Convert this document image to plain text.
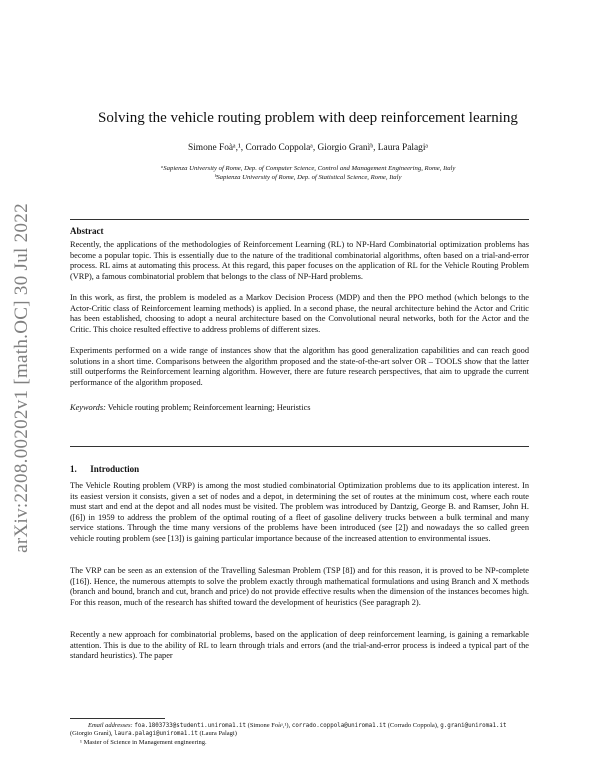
arXiv:2208.00202v1 [math.OC] 30 Jul 2022
Solving the vehicle routing problem with deep reinforcement learning
Simone Foàᵃ,¹, Corrado Coppolaᵃ, Giorgio Granìᵇ, Laura Palagiᵃ
ᵃSapienza University of Rome, Dep. of Computer Science, Control and Management Engineering, Rome, Italy
ᵇSapienza University of Rome, Dep. of Statistical Science, Rome, Italy
Abstract

Recently, the applications of the methodologies of Reinforcement Learning (RL) to NP-Hard Combinatorial optimization problems has become a popular topic. This is essentially due to the nature of the traditional combinatorial algorithms, often based on a trial-and-error process. RL aims at automating this process. At this regard, this paper focuses on the application of RL for the Vehicle Routing Problem (VRP), a famous combinatorial problem that belongs to the class of NP-Hard problems.

In this work, as first, the problem is modeled as a Markov Decision Process (MDP) and then the PPO method (which belongs to the Actor-Critic class of Reinforcement learning methods) is applied. In a second phase, the neural architecture behind the Actor and Critic has been established, choosing to adopt a neural architecture based on the Convolutional neural networks, both for the Actor and the Critic. This choice resulted effective to address problems of different sizes.

Experiments performed on a wide range of instances show that the algorithm has good generalization capabilities and can reach good solutions in a short time. Comparisons between the algorithm proposed and the state-of-the-art solver OR – TOOLS show that the latter still outperforms the Reinforcement learning algorithm. However, there are future research perspectives, that aim to upgrade the current performance of the algorithm proposed.

Keywords: Vehicle routing problem; Reinforcement learning; Heuristics
1. Introduction

The Vehicle Routing problem (VRP) is among the most studied combinatorial Optimization problems due to its application interest. In its easiest version it consists, given a set of nodes and a depot, in determining the set of routes at the minimum cost, where each route must start and end at the depot and all nodes must be visited. The problem was introduced by Dantzig, George B. and Ramser, John H. ([6]) in 1959 to address the problem of the optimal routing of a fleet of gasoline delivery trucks between a bulk terminal and many service stations. Through the time many versions of the problems have been introduced (see [2]) and nowadays the so called green vehicle routing problem (see [13]) is gaining particular importance because of the increased attention to environmental issues.

The VRP can be seen as an extension of the Travelling Salesman Problem (TSP [8]) and for this reason, it is proved to be NP-complete ([16]). Hence, the numerous attempts to solve the problem exactly through mathematical formulations and using Branch and X methods (branch and bound, branch and cut, branch and price) do not provide effective results when the dimension of the instances becomes high. For this reason, much of the research has shifted toward the development of heuristics (See paragraph 2).

Recently a new approach for combinatorial problems, based on the application of deep reinforcement learning, is gaining a remarkable attention. This is due to the ability of RL to learn through trials and errors (and the trial-and-error process is indeed a typical part of the standard heuristics). The paper

Email addresses: foa.1803733@studenti.uniroma1.it (Simone Foàᵃ,¹), corrado.coppola@uniroma1.it (Corrado Coppola), g.grani@uniroma1.it (Giorgio Granì), laura.palagi@uniroma1.it (Laura Palagi)
¹ Master of Science in Management engineering.
